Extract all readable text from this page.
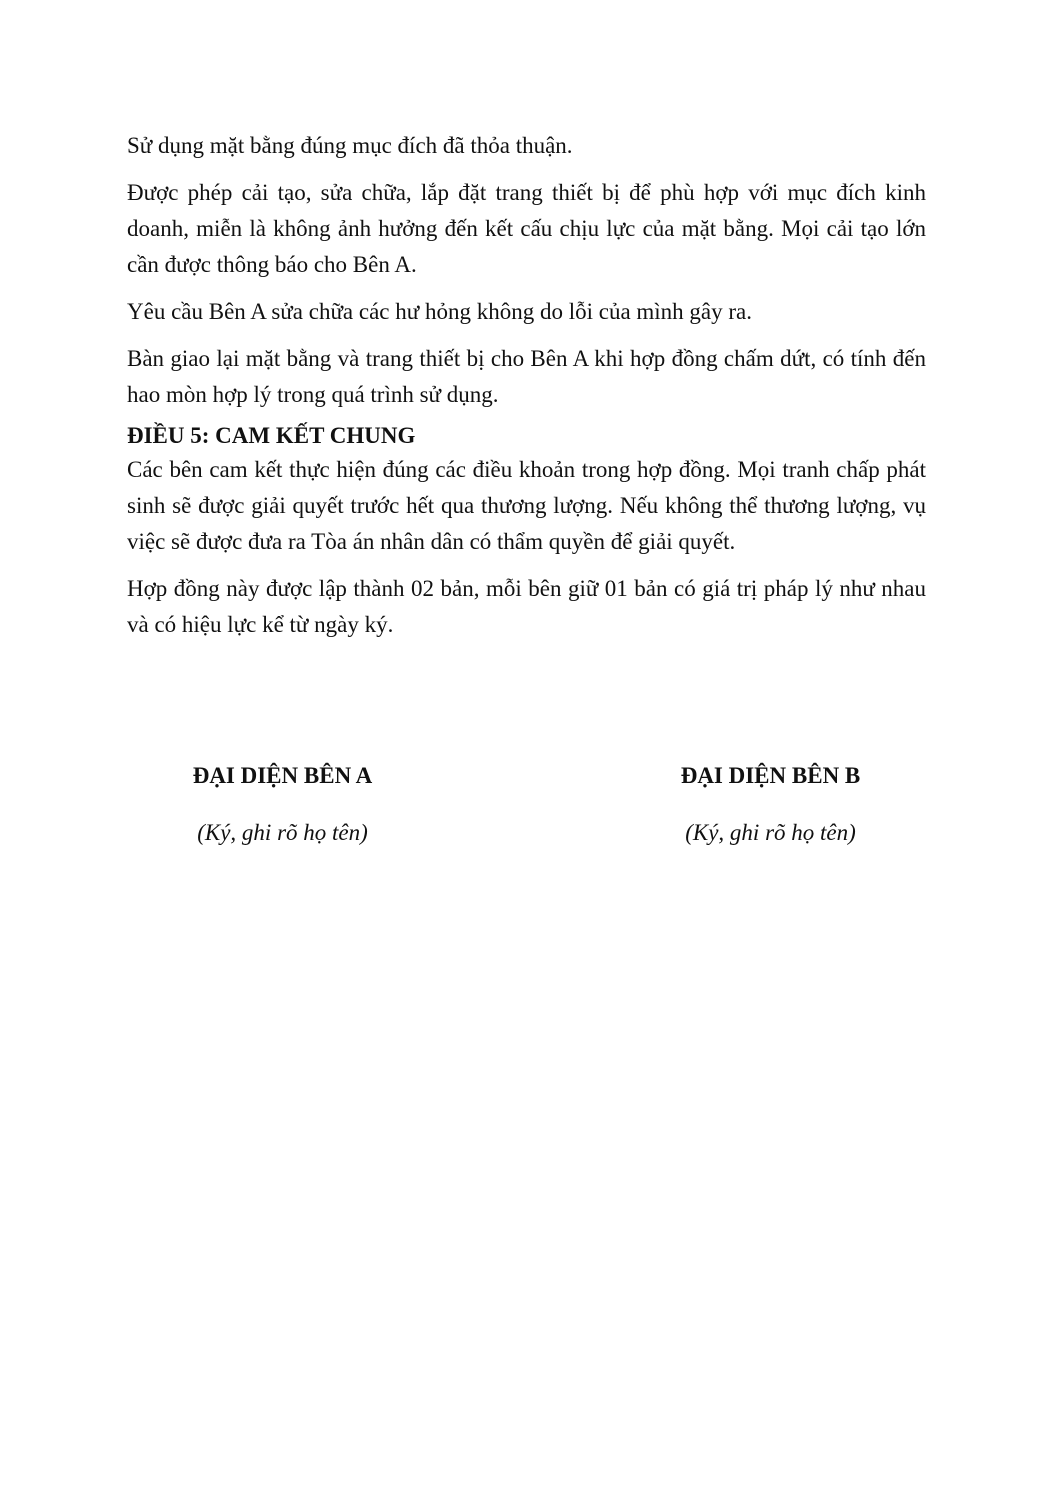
Sử dụng mặt bằng đúng mục đích đã thỏa thuận.

Được phép cải tạo, sửa chữa, lắp đặt trang thiết bị để phù hợp với mục đích kinh doanh, miễn là không ảnh hưởng đến kết cấu chịu lực của mặt bằng. Mọi cải tạo lớn cần được thông báo cho Bên A.

Yêu cầu Bên A sửa chữa các hư hỏng không do lỗi của mình gây ra.

Bàn giao lại mặt bằng và trang thiết bị cho Bên A khi hợp đồng chấm dứt, có tính đến hao mòn hợp lý trong quá trình sử dụng.

ĐIỀU 5: CAM KẾT CHUNG

Các bên cam kết thực hiện đúng các điều khoản trong hợp đồng. Mọi tranh chấp phát sinh sẽ được giải quyết trước hết qua thương lượng. Nếu không thể thương lượng, vụ việc sẽ được đưa ra Tòa án nhân dân có thẩm quyền để giải quyết.

Hợp đồng này được lập thành 02 bản, mỗi bên giữ 01 bản có giá trị pháp lý như nhau và có hiệu lực kể từ ngày ký.

ĐẠI DIỆN BÊN A
(Ký, ghi rõ họ tên)
ĐẠI DIỆN BÊN B
(Ký, ghi rõ họ tên)
